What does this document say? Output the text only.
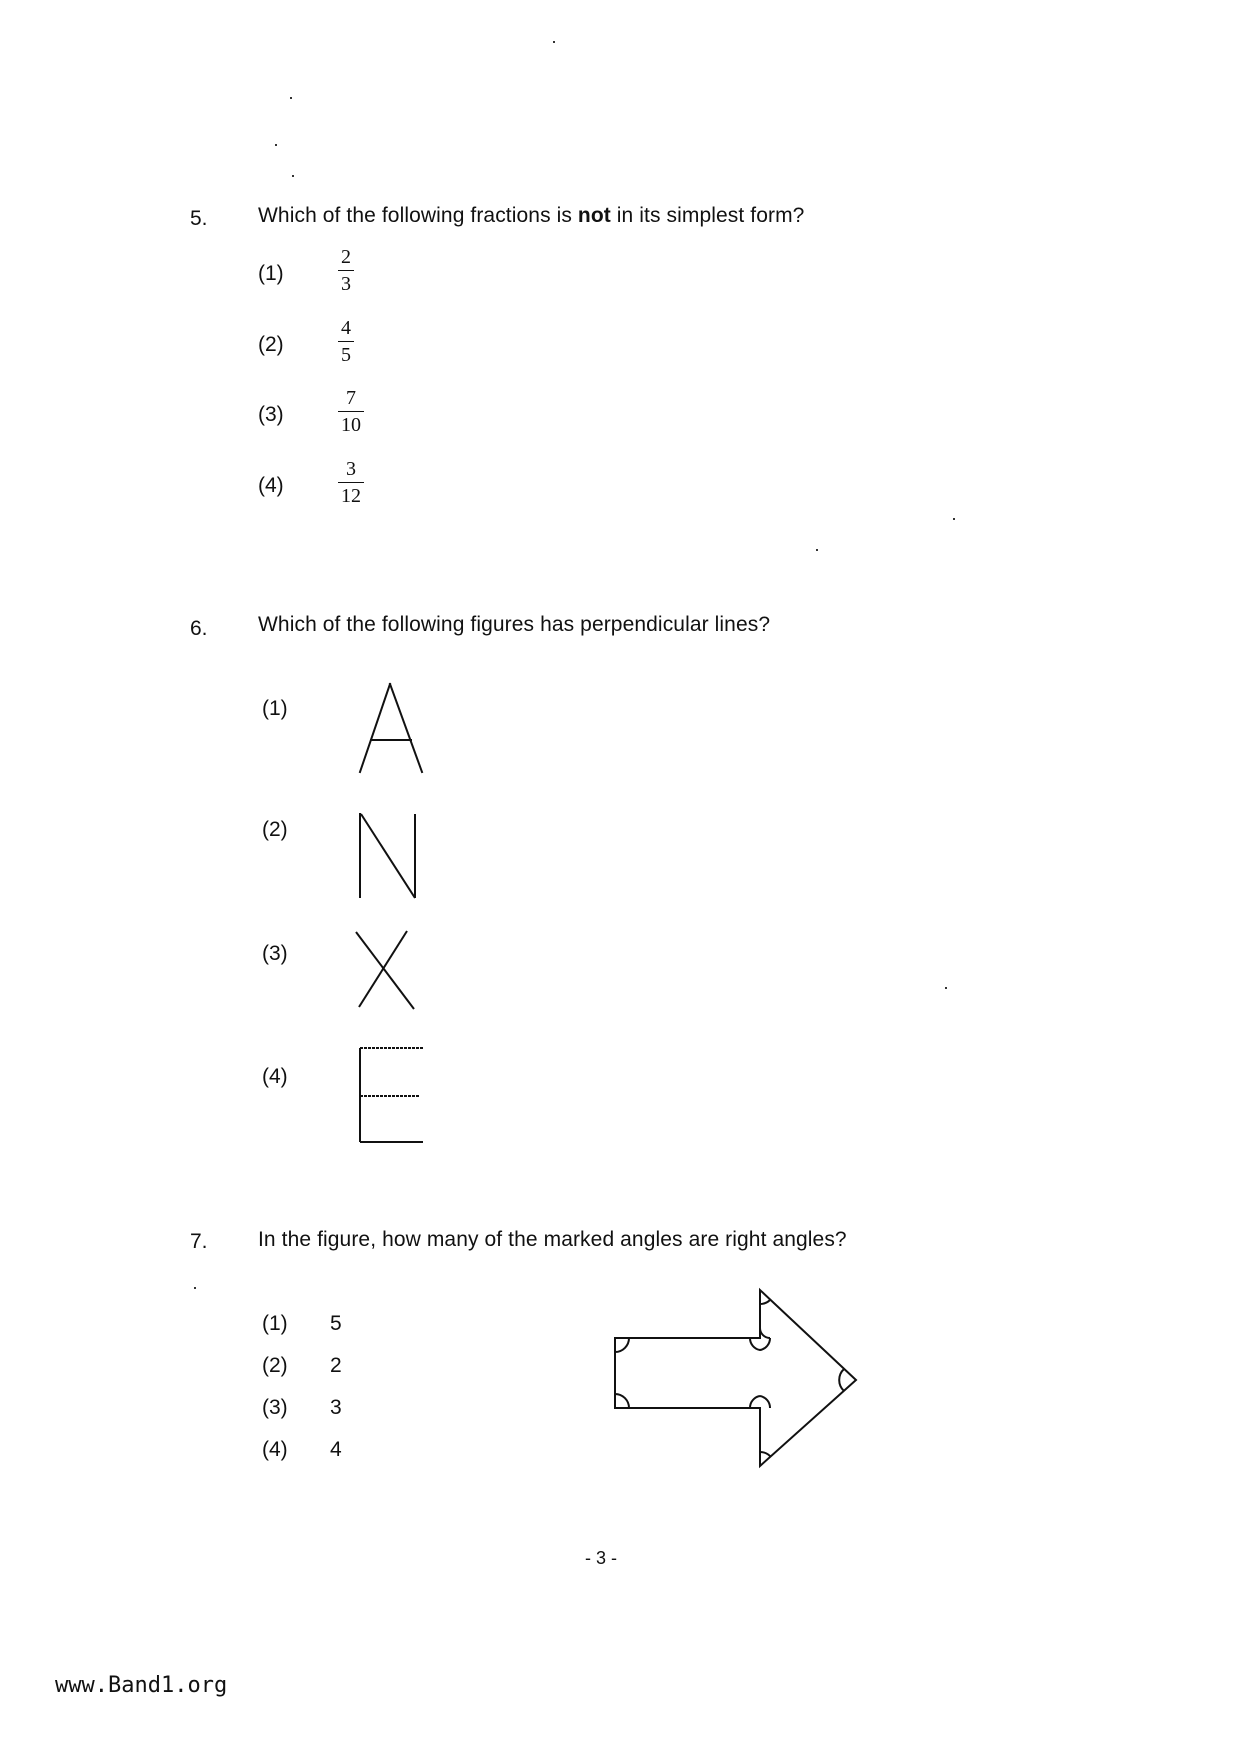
5. Which of the following fractions is not in its simplest form?
(1)
2
3
(2)
4
5
(3)
7
10
(4)
3
12
6. Which of the following figures has perpendicular lines?
(1)
(2)
(3)
(4)
7. In the figure, how many of the marked angles are right angles?
(1) 5
(2) 2
(3) 3
(4) 4
- 3 -
www.Band1.org
